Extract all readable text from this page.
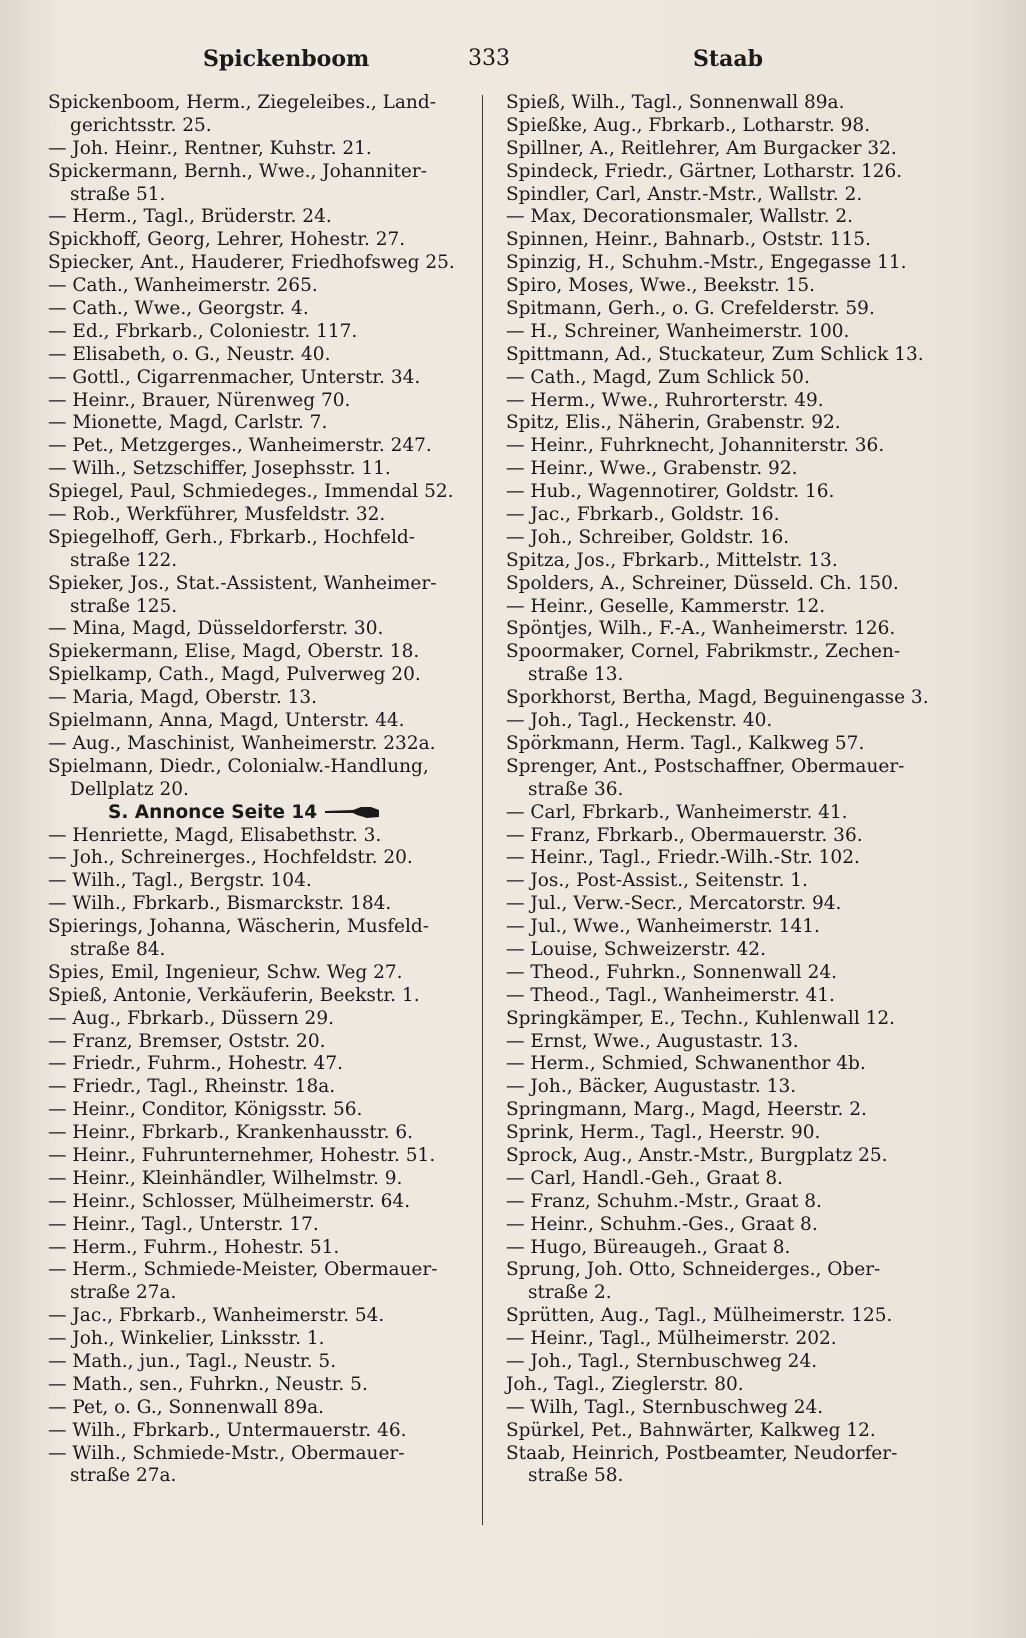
Spickenboom	333	Staab
Spickenboom, Herm., Ziegeleibes., Land-
gerichtsstr. 25.
— Joh. Heinr., Rentner, Kuhstr. 21.
Spickermann, Bernh., Wwe., Johanniter-
straße 51.
— Herm., Tagl., Brüderstr. 24.
Spickhoff, Georg, Lehrer, Hohestr. 27.
Spiecker, Ant., Hauderer, Friedhofsweg 25.
— Cath., Wanheimerstr. 265.
— Cath., Wwe., Georgstr. 4.
— Ed., Fbrkarb., Coloniestr. 117.
— Elisabeth, o. G., Neustr. 40.
— Gottl., Cigarrenmacher, Unterstr. 34.
— Heinr., Brauer, Nürenweg 70.
— Mionette, Magd, Carlstr. 7.
— Pet., Metzgerges., Wanheimerstr. 247.
— Wilh., Setzschiffer, Josephsstr. 11.
Spiegel, Paul, Schmiedeges., Immendal 52.
— Rob., Werkführer, Musfeldstr. 32.
Spiegelhoff, Gerh., Fbrkarb., Hochfeld-
straße 122.
Spieker, Jos., Stat.-Assistent, Wanheimer-
straße 125.
— Mina, Magd, Düsseldorferstr. 30.
Spiekermann, Elise, Magd, Oberstr. 18.
Spielkamp, Cath., Magd, Pulverweg 20.
— Maria, Magd, Oberstr. 13.
Spielmann, Anna, Magd, Unterstr. 44.
— Aug., Maschinist, Wanheimerstr. 232a.
Spielmann, Diedr., Colonialw.-Handlung,
Dellplatz 20.
S. Annonce Seite 14
— Henriette, Magd, Elisabethstr. 3.
— Joh., Schreinerges., Hochfeldstr. 20.
— Wilh., Tagl., Bergstr. 104.
— Wilh., Fbrkarb., Bismarckstr. 184.
Spierings, Johanna, Wäscherin, Musfeld-
straße 84.
Spies, Emil, Ingenieur, Schw. Weg 27.
Spieß, Antonie, Verkäuferin, Beekstr. 1.
— Aug., Fbrkarb., Düssern 29.
— Franz, Bremser, Oststr. 20.
— Friedr., Fuhrm., Hohestr. 47.
— Friedr., Tagl., Rheinstr. 18a.
— Heinr., Conditor, Königsstr. 56.
— Heinr., Fbrkarb., Krankenhausstr. 6.
— Heinr., Fuhrunternehmer, Hohestr. 51.
— Heinr., Kleinhändler, Wilhelmstr. 9.
— Heinr., Schlosser, Mülheimerstr. 64.
— Heinr., Tagl., Unterstr. 17.
— Herm., Fuhrm., Hohestr. 51.
— Herm., Schmiede-Meister, Obermauer-
straße 27a.
— Jac., Fbrkarb., Wanheimerstr. 54.
— Joh., Winkelier, Linksstr. 1.
— Math., jun., Tagl., Neustr. 5.
— Math., sen., Fuhrkn., Neustr. 5.
— Pet, o. G., Sonnenwall 89a.
— Wilh., Fbrkarb., Untermauerstr. 46.
— Wilh., Schmiede-Mstr., Obermauer-
straße 27a.
Spieß, Wilh., Tagl., Sonnenwall 89a.
Spießke, Aug., Fbrkarb., Lotharstr. 98.
Spillner, A., Reitlehrer, Am Burgacker 32.
Spindeck, Friedr., Gärtner, Lotharstr. 126.
Spindler, Carl, Anstr.-Mstr., Wallstr. 2.
— Max, Decorationsmaler, Wallstr. 2.
Spinnen, Heinr., Bahnarb., Oststr. 115.
Spinzig, H., Schuhm.-Mstr., Engegasse 11.
Spiro, Moses, Wwe., Beekstr. 15.
Spitmann, Gerh., o. G. Crefelderstr. 59.
— H., Schreiner, Wanheimerstr. 100.
Spittmann, Ad., Stuckateur, Zum Schlick 13.
— Cath., Magd, Zum Schlick 50.
— Herm., Wwe., Ruhrorterstr. 49.
Spitz, Elis., Näherin, Grabenstr. 92.
— Heinr., Fuhrknecht, Johanniterstr. 36.
— Heinr., Wwe., Grabenstr. 92.
— Hub., Wagennotirer, Goldstr. 16.
— Jac., Fbrkarb., Goldstr. 16.
— Joh., Schreiber, Goldstr. 16.
Spitza, Jos., Fbrkarb., Mittelstr. 13.
Spolders, A., Schreiner, Düsseld. Ch. 150.
— Heinr., Geselle, Kammerstr. 12.
Spöntjes, Wilh., F.-A., Wanheimerstr. 126.
Spoormaker, Cornel, Fabrikmstr., Zechen-
straße 13.
Sporkhorst, Bertha, Magd, Beguinengasse 3.
— Joh., Tagl., Heckenstr. 40.
Spörkmann, Herm. Tagl., Kalkweg 57.
Sprenger, Ant., Postschaffner, Obermauer-
straße 36.
— Carl, Fbrkarb., Wanheimerstr. 41.
— Franz, Fbrkarb., Obermauerstr. 36.
— Heinr., Tagl., Friedr.-Wilh.-Str. 102.
— Jos., Post-Assist., Seitenstr. 1.
— Jul., Verw.-Secr., Mercatorstr. 94.
— Jul., Wwe., Wanheimerstr. 141.
— Louise, Schweizerstr. 42.
— Theod., Fuhrkn., Sonnenwall 24.
— Theod., Tagl., Wanheimerstr. 41.
Springkämper, E., Techn., Kuhlenwall 12.
— Ernst, Wwe., Augustastr. 13.
— Herm., Schmied, Schwanenthor 4b.
— Joh., Bäcker, Augustastr. 13.
Springmann, Marg., Magd, Heerstr. 2.
Sprink, Herm., Tagl., Heerstr. 90.
Sprock, Aug., Anstr.-Mstr., Burgplatz 25.
— Carl, Handl.-Geh., Graat 8.
— Franz, Schuhm.-Mstr., Graat 8.
— Heinr., Schuhm.-Ges., Graat 8.
— Hugo, Büreaugeh., Graat 8.
Sprung, Joh. Otto, Schneiderges., Ober-
straße 2.
Sprütten, Aug., Tagl., Mülheimerstr. 125.
— Heinr., Tagl., Mülheimerstr. 202.
— Joh., Tagl., Sternbuschweg 24.
Joh., Tagl., Zieglerstr. 80.
— Wilh, Tagl., Sternbuschweg 24.
Spürkel, Pet., Bahnwärter, Kalkweg 12.
Staab, Heinrich, Postbeamter, Neudorfer-
straße 58.
